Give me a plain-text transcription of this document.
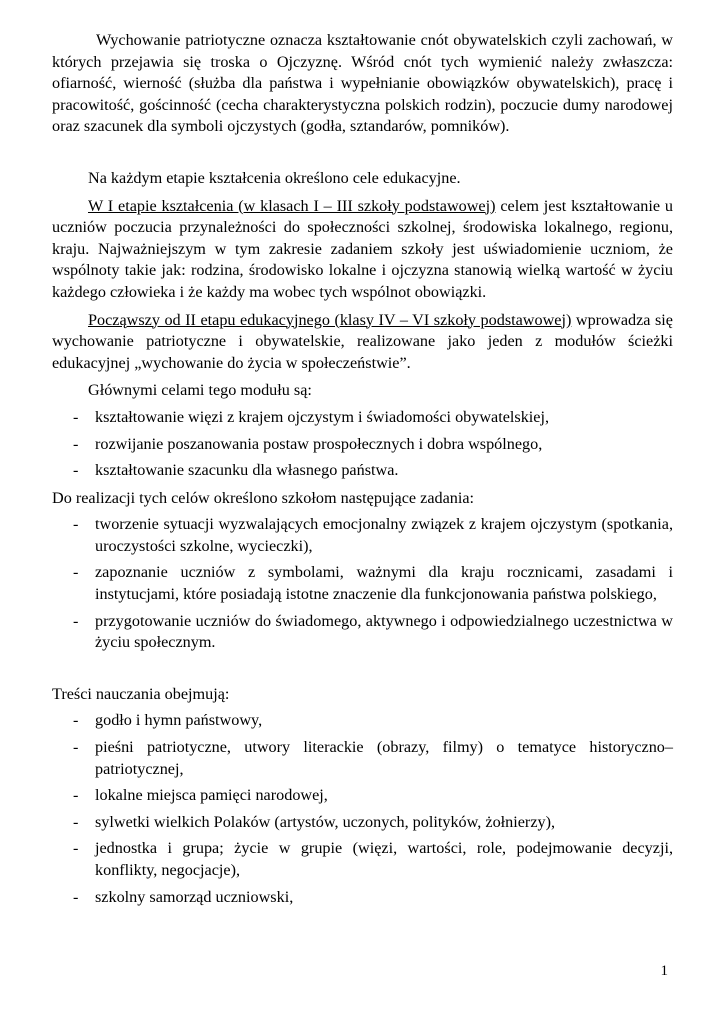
Wychowanie patriotyczne oznacza kształtowanie cnót obywatelskich czyli zachowań, w których przejawia się troska o Ojczyznę. Wśród cnót tych wymienić należy zwłaszcza: ofiarność, wierność (służba dla państwa i wypełnianie obowiązków obywatelskich), pracę i pracowitość, gościnność (cecha charakterystyczna polskich rodzin), poczucie dumy narodowej oraz szacunek dla symboli ojczystych (godła, sztandarów, pomników).

Na każdym etapie kształcenia określono cele edukacyjne.

W I etapie kształcenia (w klasach I – III szkoły podstawowej) celem jest kształtowanie u uczniów poczucia przynależności do społeczności szkolnej, środowiska lokalnego, regionu, kraju. Najważniejszym w tym zakresie zadaniem szkoły jest uświadomienie uczniom, że wspólnoty takie jak: rodzina, środowisko lokalne i ojczyzna stanowią wielką wartość w życiu każdego człowieka i że każdy ma wobec tych wspólnot obowiązki.

Począwszy od II etapu edukacyjnego (klasy IV – VI szkoły podstawowej) wprowadza się wychowanie patriotyczne i obywatelskie, realizowane jako jeden z modułów ścieżki edukacyjnej „wychowanie do życia w społeczeństwie”.

Głównymi celami tego modułu są:

- kształtowanie więzi z krajem ojczystym i świadomości obywatelskiej,
- rozwijanie poszanowania postaw prospołecznych i dobra wspólnego,
- kształtowanie szacunku dla własnego państwa.

Do realizacji tych celów określono szkołom następujące zadania:

- tworzenie sytuacji wyzwalających emocjonalny związek z krajem ojczystym (spotkania, uroczystości szkolne, wycieczki),
- zapoznanie uczniów z symbolami, ważnymi dla kraju rocznicami, zasadami i instytucjami, które posiadają istotne znaczenie dla funkcjonowania państwa polskiego,
- przygotowanie uczniów do świadomego, aktywnego i odpowiedzialnego uczestnictwa w życiu społecznym.

Treści nauczania obejmują:

- godło i hymn państwowy,
- pieśni patriotyczne, utwory literackie (obrazy, filmy) o tematyce historyczno–patriotycznej,
- lokalne miejsca pamięci narodowej,
- sylwetki wielkich Polaków (artystów, uczonych, polityków, żołnierzy),
- jednostka i grupa; życie w grupie (więzi, wartości, role, podejmowanie decyzji, konflikty, negocjacje),
- szkolny samorząd uczniowski,
1
